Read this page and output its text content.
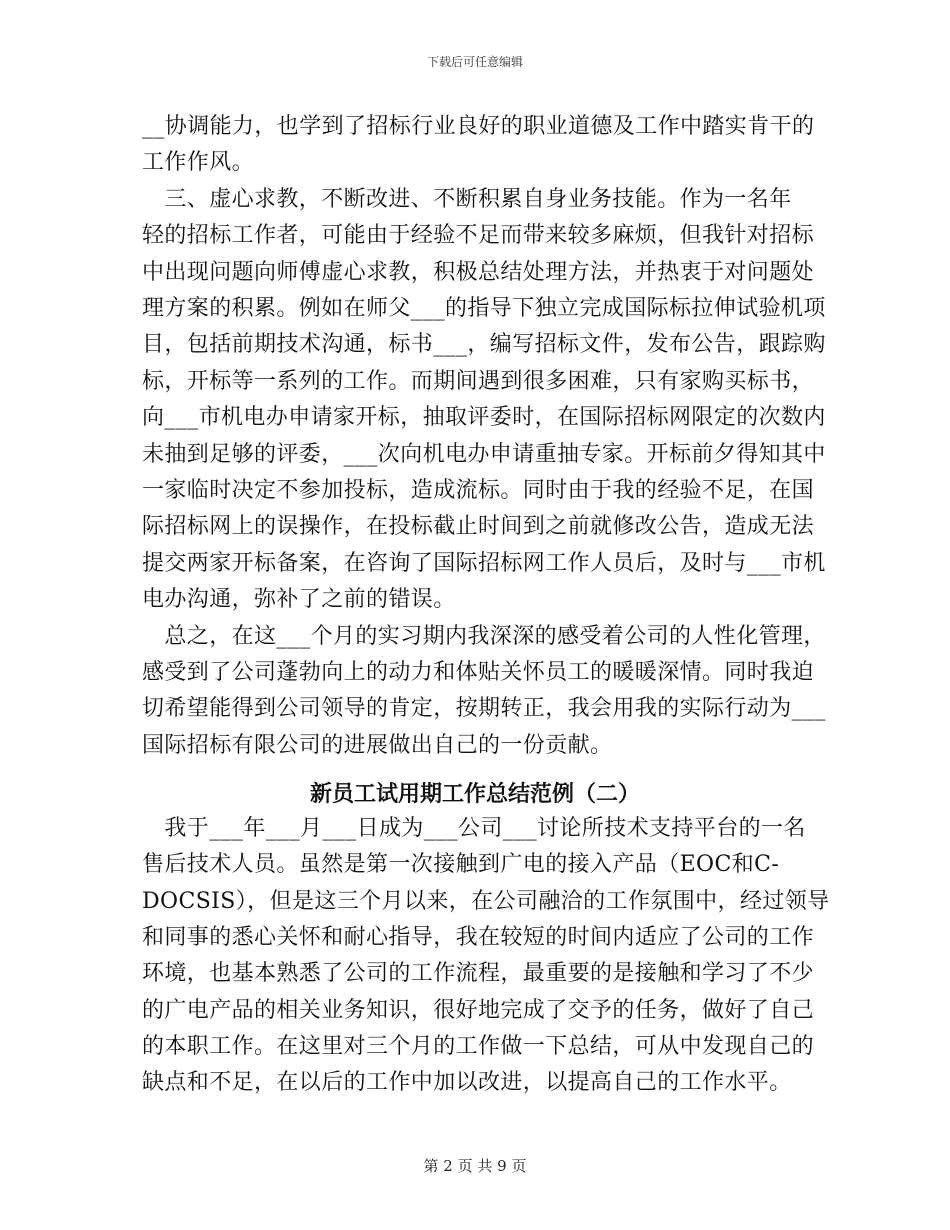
下载后可任意编辑
__协调能力，也学到了招标行业良好的职业道德及工作中踏实肯干的
工作作风。
　三、虚心求教，不断改进、不断积累自身业务技能。作为一名年
轻的招标工作者，可能由于经验不足而带来较多麻烦，但我针对招标
中出现问题向师傅虚心求教，积极总结处理方法，并热衷于对问题处
理方案的积累。例如在师父___的指导下独立完成国际标拉伸试验机项
目，包括前期技术沟通，标书___，编写招标文件，发布公告，跟踪购
标，开标等一系列的工作。而期间遇到很多困难，只有家购买标书，
向___市机电办申请家开标，抽取评委时，在国际招标网限定的次数内
未抽到足够的评委，___次向机电办申请重抽专家。开标前夕得知其中
一家临时决定不参加投标，造成流标。同时由于我的经验不足，在国
际招标网上的误操作，在投标截止时间到之前就修改公告，造成无法
提交两家开标备案，在咨询了国际招标网工作人员后，及时与___市机
电办沟通，弥补了之前的错误。
　总之，在这___个月的实习期内我深深的感受着公司的人性化管理，
感受到了公司蓬勃向上的动力和体贴关怀员工的暖暖深情。同时我迫
切希望能得到公司领导的肯定，按期转正，我会用我的实际行动为___
国际招标有限公司的进展做出自己的一份贡献。
新员工试用期工作总结范例（二）
　我于___年___月___日成为___公司___讨论所技术支持平台的一名
售后技术人员。虽然是第一次接触到广电的接入产品（EOC和C-
DOCSIS），但是这三个月以来，在公司融洽的工作氛围中，经过领导
和同事的悉心关怀和耐心指导，我在较短的时间内适应了公司的工作
环境，也基本熟悉了公司的工作流程，最重要的是接触和学习了不少
的广电产品的相关业务知识，很好地完成了交予的任务，做好了自己
的本职工作。在这里对三个月的工作做一下总结，可从中发现自己的
缺点和不足，在以后的工作中加以改进，以提高自己的工作水平。
第 2 页 共 9 页
